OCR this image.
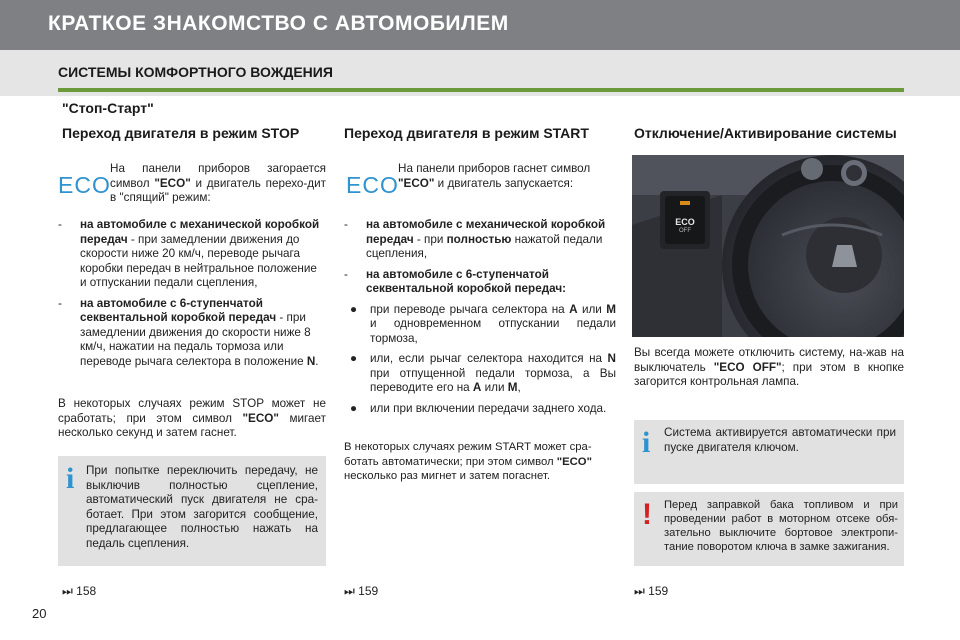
КРАТКОЕ ЗНАКОМСТВО С АВТОМОБИЛЕМ
СИСТЕМЫ КОМФОРТНОГО ВОЖДЕНИЯ
"Стоп-Старт"
Переход двигателя в режим STOP
ECO
На панели приборов загорается символ "ECO" и двигатель перехо-дит в "спящий" режим:
-	на автомобиле с механической коробкой передач - при замедлении движения до скорости ниже 20 км/ч, переводе рычага коробки передач в нейтральное положение и отпускании педали сцепления,
-	на автомобиле с 6-ступенчатой секвентальной коробкой передач - при замедлении движения до скорости ниже 8 км/ч, нажатии на педаль тормоза или переводе рычага селектора в положение N.
В некоторых случаях режим STOP может не сработать; при этом символ "ECO" мигает несколько секунд и затем гаснет.
i При попытке переключить передачу, не выключив полностью сцепление, автоматический пуск двигателя не сра-ботает. При этом загорится сообщение, предлагающее полностью нажать на педаль сцепления.
⏭ 158
Переход двигателя в режим START
ECO
На панели приборов гаснет символ "ECO" и двигатель запускается:
-	на автомобиле с механической коробкой передач - при полностью нажатой педали сцепления,
-	на автомобиле с 6-ступенчатой секвентальной коробкой передач:
●	при переводе рычага селектора на A или M и одновременном отпускании педали тормоза,
●	или, если рычаг селектора находится на N при отпущенной педали тормоза, а Вы переводите его на A или M,
●	или при включении передачи заднего хода.
В некоторых случаях режим START может сра-ботать автоматически; при этом символ "ECO" несколько раз мигнет и затем погаснет.
⏭ 159
Отключение/Активирование системы
ECO
OFF
Вы всегда можете отключить систему, на-жав на выключатель "ECO OFF"; при этом в кнопке загорится контрольная лампа.
i	Система активируется автоматически при пуске двигателя ключом.
!	Перед заправкой бака топливом и при проведении работ в моторном отсеке обя-зательно выключите бортовое электропи-тание поворотом ключа в замке зажигания.
⏭ 159
20
